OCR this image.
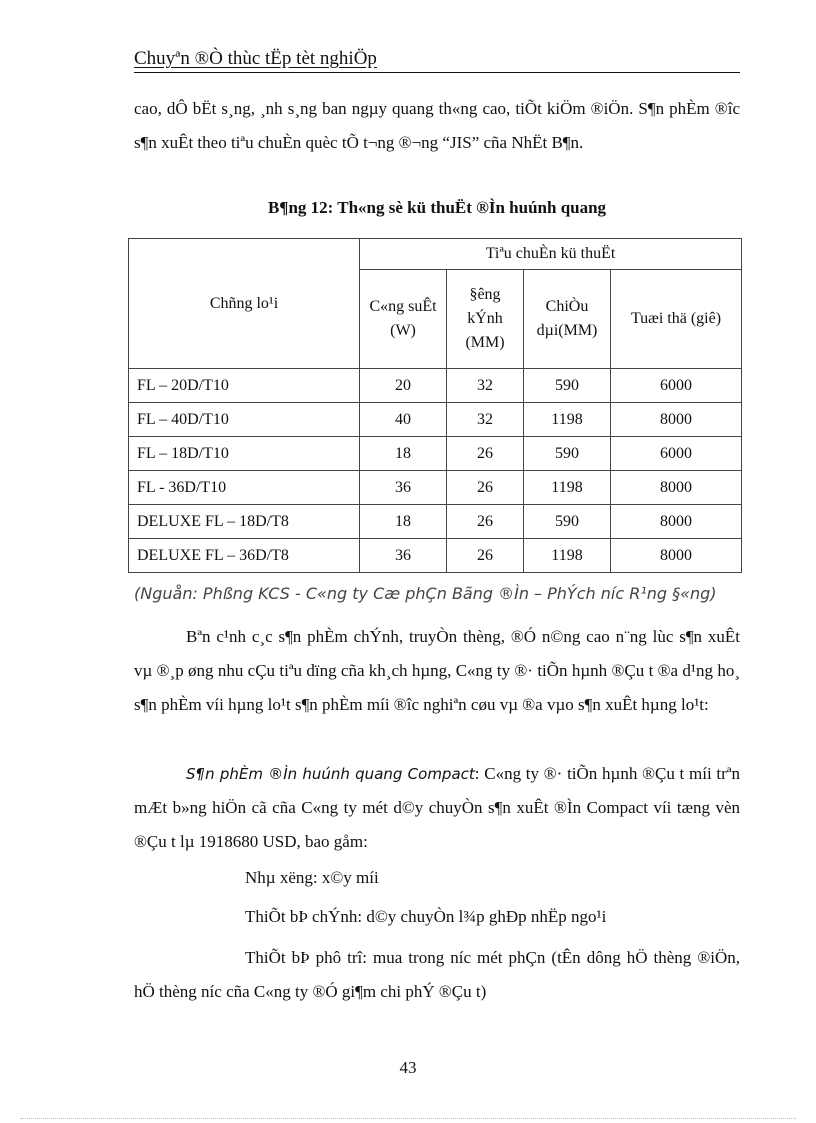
Chuyªn ®Ò thùc tËp tèt nghiÖp

cao, dÔ bËt s¸ng, ¸nh s¸ng ban ngµy quang th«ng cao, tiÕt kiÖm ®iÖn. S¶n phÈm ®îc s¶n xuÊt theo tiªu chuÈn quèc tÕ t¬ng ®¬ng “JIS” cña NhËt B¶n.

B¶ng 12: Th«ng sè kü thuËt ®Ìn huúnh quang
Chñng lo¹i	Tiªu chuÈn kü thuËt			
	C«ng suÊt (W)	§êng kÝnh (MM)	ChiÒu dµi(MM)	Tuæi thä (giê)
FL – 20D/T10	20	32	590	6000
FL – 40D/T10	40	32	1198	8000
FL – 18D/T10	18	26	590	6000
FL - 36D/T10	36	26	1198	8000
DELUXE FL – 18D/T8	18	26	590	8000
DELUXE FL – 36D/T8	36	26	1198	8000
(Nguån: Phßng KCS - C«ng ty Cæ phÇn Bãng ®Ìn – PhÝch níc R¹ng §«ng)

Bªn c¹nh c¸c s¶n phÈm chÝnh, truyÒn thèng, ®Ó n©ng cao n¨ng lùc s¶n xuÊt vµ ®¸p øng nhu cÇu tiªu dïng cña kh¸ch hµng, C«ng ty ®· tiÕn hµnh ®Çu t ®a d¹ng ho¸ s¶n phÈm víi hµng lo¹t s¶n phÈm míi ®îc nghiªn cøu vµ ®a vµo s¶n xuÊt hµng lo¹t:

S¶n phÈm ®Ìn huúnh quang Compact: C«ng ty ®· tiÕn hµnh ®Çu t míi trªn mÆt b»ng hiÖn cã cña C«ng ty mét d©y chuyÒn s¶n xuÊt ®Ìn Compact víi tæng vèn ®Çu t lµ 1918680 USD, bao gåm:

Nhµ xëng: x©y míi
ThiÕt bÞ chÝnh: d©y chuyÒn l¾p ghÐp nhËp ngo¹i

ThiÕt bÞ phô trî: mua trong níc mét phÇn (tÊn dông hÖ thèng ®iÖn, hÖ thèng níc cña C«ng ty ®Ó gi¶m chi phÝ ®Çu t)

43
